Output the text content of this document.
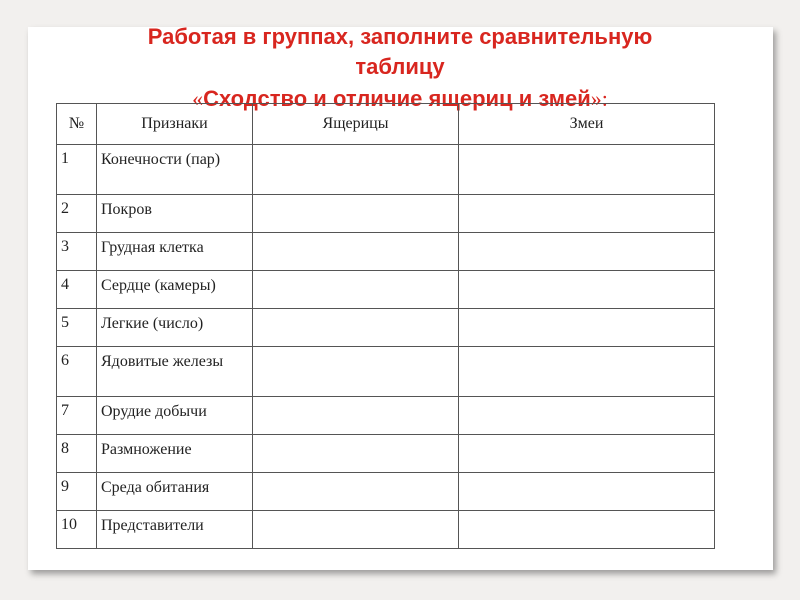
Работая в группах, заполните сравнительную
таблицу
«Сходство и отличие ящериц и змей»:
№	Признаки	Ящерицы	Змеи
1	Конечности (пар)		
2	Покров		
3	Грудная клетка		
4	Сердце (камеры)		
5	Легкие (число)		
6	Ядовитые железы		
7	Орудие добычи		
8	Размножение		
9	Среда обитания		
10	Представители		
